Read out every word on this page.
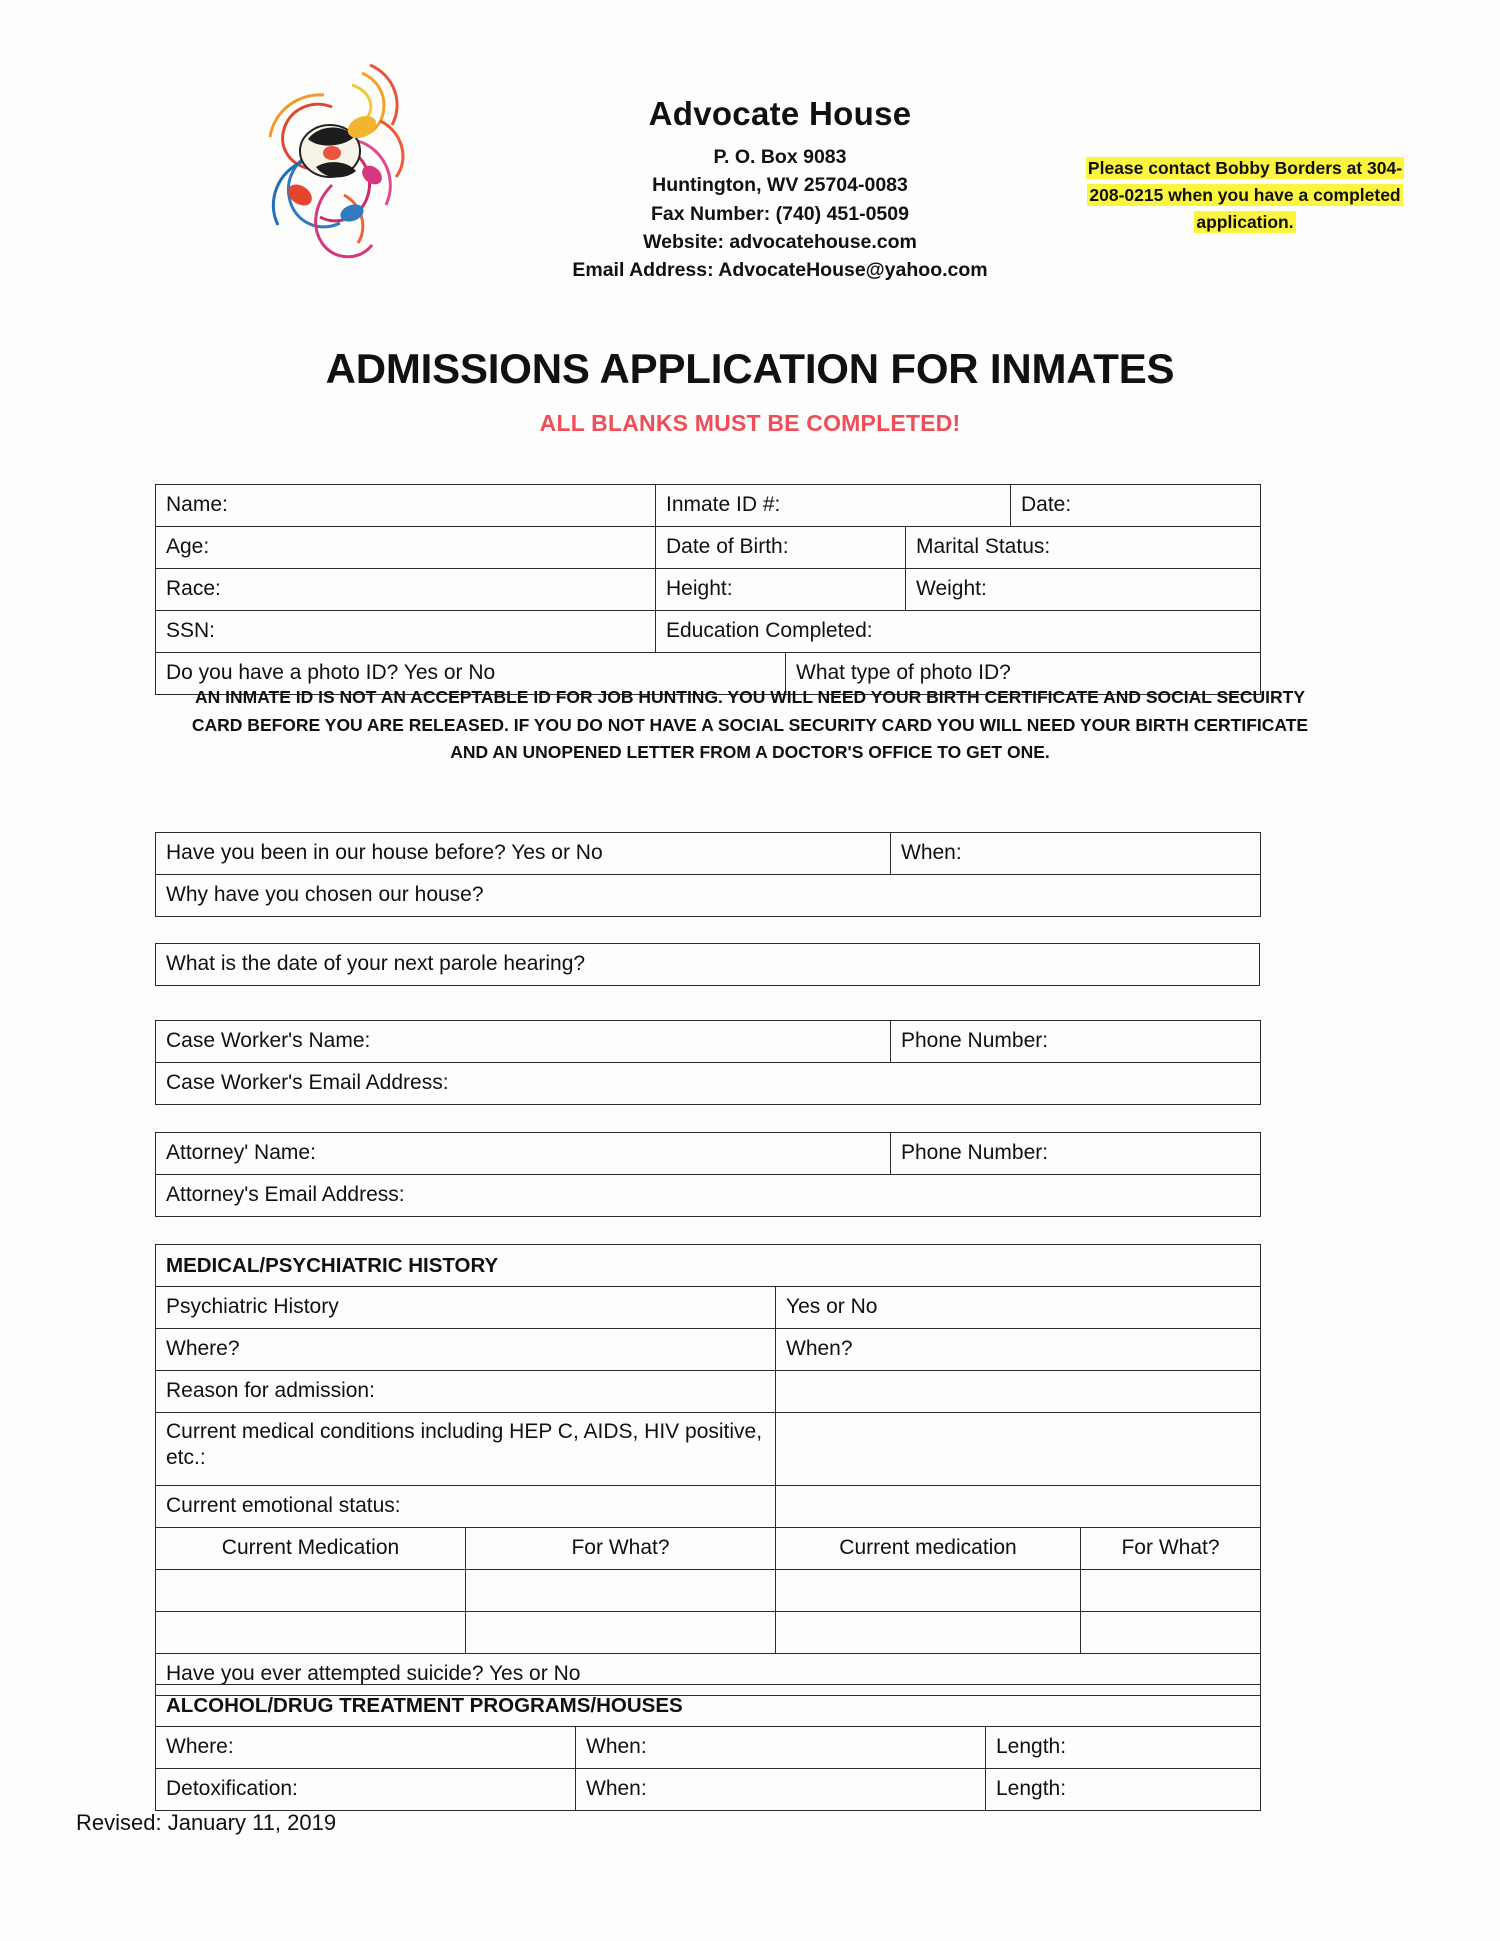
Advocate House
P. O. Box 9083
Huntington, WV 25704-0083
Fax Number: (740) 451-0509
Website: advocatehouse.com
Email Address: AdvocateHouse@yahoo.com
Please contact Bobby Borders at 304-208-0215 when you have a completed application.
ADMISSIONS APPLICATION FOR INMATES
ALL BLANKS MUST BE COMPLETED!
Name:	Inmate ID #:			Date:
Age:	Date of Birth:		Marital Status:	
Race:	Height:		Weight:	
SSN:	Education Completed:			
Do you have a photo ID? Yes or No		What type of photo ID?		
AN INMATE ID IS NOT AN ACCEPTABLE ID FOR JOB HUNTING. YOU WILL NEED YOUR BIRTH CERTIFICATE AND SOCIAL SECUIRTY CARD BEFORE YOU ARE RELEASED. IF YOU DO NOT HAVE A SOCIAL SECURITY CARD YOU WILL NEED YOUR BIRTH CERTIFICATE AND AN UNOPENED LETTER FROM A DOCTOR'S OFFICE TO GET ONE.
Have you been in our house before? Yes or No	When:
Why have you chosen our house?
What is the date of your next parole hearing?
Case Worker's Name:	Phone Number:
Case Worker's Email Address:
Attorney' Name:	Phone Number:
Attorney's Email Address:
MEDICAL/PSYCHIATRIC HISTORY			
Psychiatric History		Yes or No	
Where?		When?	
Reason for admission:			
Current medical conditions including HEP C, AIDS, HIV positive, etc.:			
Current emotional status:			
Current Medication	For What?	Current medication	For What?

Have you ever attempted suicide? Yes or No			
ALCOHOL/DRUG TREATMENT PROGRAMS/HOUSES		
Where:	When:	Length:
Detoxification:	When:	Length:
Revised: January 11, 2019
